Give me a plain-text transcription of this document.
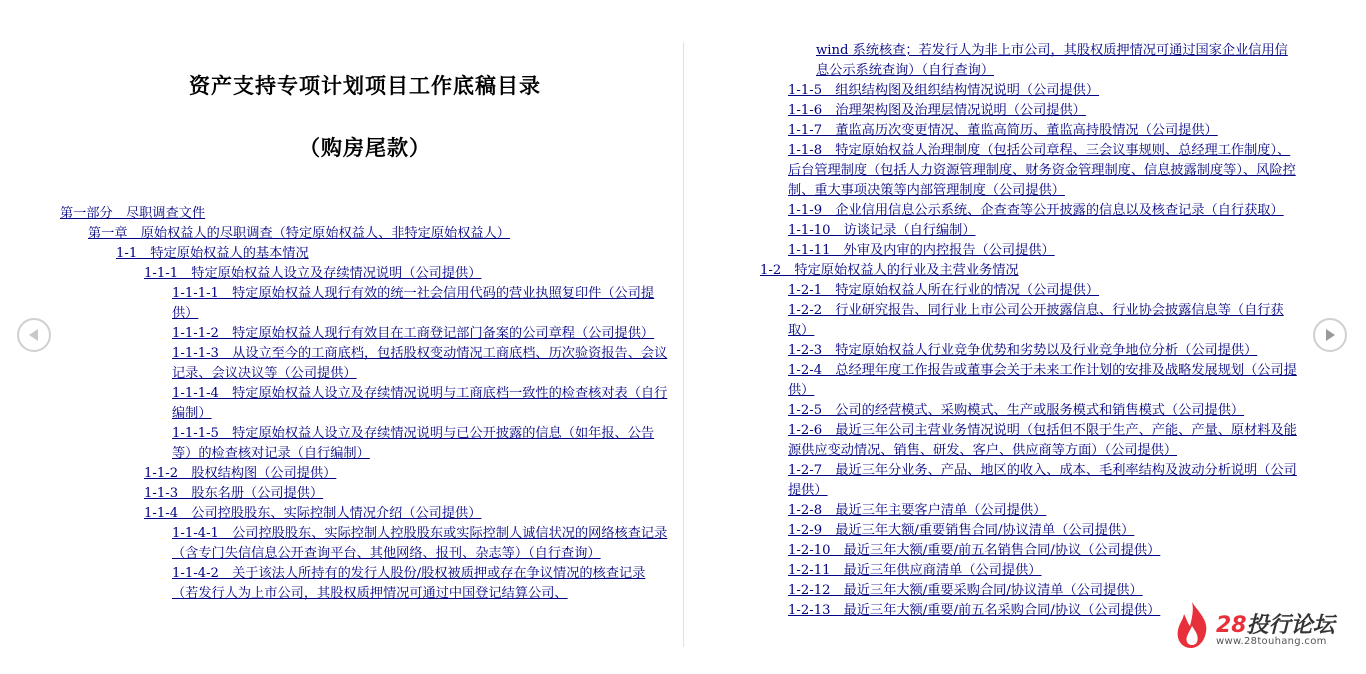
资产支持专项计划项目工作底稿目录
（购房尾款）
第一部分　尽职调查文件
第一章　原始权益人的尽职调查（特定原始权益人、非特定原始权益人）
1-1　特定原始权益人的基本情况
1-1-1　特定原始权益人设立及存续情况说明（公司提供）
1-1-1-1　特定原始权益人现行有效的统一社会信用代码的营业执照复印件（公司提供）
1-1-1-2　特定原始权益人现行有效目在工商登记部门备案的公司章程（公司提供）
1-1-1-3　从设立至今的工商底档，包括股权变动情况工商底档、历次验资报告、会议记录、会议决议等（公司提供）
1-1-1-4　特定原始权益人设立及存续情况说明与工商底档一致性的检查核对表（自行编制）
1-1-1-5　特定原始权益人设立及存续情况说明与已公开披露的信息（如年报、公告等）的检查核对记录（自行编制）
1-1-2　股权结构图（公司提供）
1-1-3　股东名册（公司提供）
1-1-4　公司控股股东、实际控制人情况介绍（公司提供）
1-1-4-1　公司控股股东、实际控制人控股股东或实际控制人诚信状况的网络核查记录（含专门失信信息公开查询平台、其他网络、报刊、杂志等）（自行查询）
1-1-4-2　关于该法人所持有的发行人股份/股权被质押或存在争议情况的核查记录（若发行人为上市公司，其股权质押情况可通过中国登记结算公司、
wind 系统核查；若发行人为非上市公司，其股权质押情况可通过国家企业信用信息公示系统查询）（自行查询）
1-1-5　组织结构图及组织结构情况说明（公司提供）
1-1-6　治理架构图及治理层情况说明（公司提供）
1-1-7　董监高历次变更情况、董监高简历、董监高持股情况（公司提供）
1-1-8　特定原始权益人治理制度（包括公司章程、三会议事规则、总经理工作制度）、后台管理制度（包括人力资源管理制度、财务资金管理制度、信息披露制度等）、风险控制、重大事项决策等内部管理制度（公司提供）
1-1-9　企业信用信息公示系统、企查查等公开披露的信息以及核查记录（自行获取）
1-1-10　访谈记录（自行编制）
1-1-11　外审及内审的内控报告（公司提供）
1-2　特定原始权益人的行业及主营业务情况
1-2-1　特定原始权益人所在行业的情况（公司提供）
1-2-2　行业研究报告、同行业上市公司公开披露信息、行业协会披露信息等（自行获取）
1-2-3　特定原始权益人行业竞争优势和劣势以及行业竞争地位分析（公司提供）
1-2-4　总经理年度工作报告或董事会关于未来工作计划的安排及战略发展规划（公司提供）
1-2-5　公司的经营模式、采购模式、生产或服务模式和销售模式（公司提供）
1-2-6　最近三年公司主营业务情况说明（包括但不限于生产、产能、产量、原材料及能源供应变动情况、销售、研发、客户、供应商等方面）（公司提供）
1-2-7　最近三年分业务、产品、地区的收入、成本、毛利率结构及波动分析说明（公司提供）
1-2-8　最近三年主要客户清单（公司提供）
1-2-9　最近三年大额/重要销售合同/协议清单（公司提供）
1-2-10　最近三年大额/重要/前五名销售合同/协议（公司提供）
1-2-11　最近三年供应商清单（公司提供）
1-2-12　最近三年大额/重要采购合同/协议清单（公司提供）
1-2-13　最近三年大额/重要/前五名采购合同/协议（公司提供）
28投行论坛
www.28touhang.com
